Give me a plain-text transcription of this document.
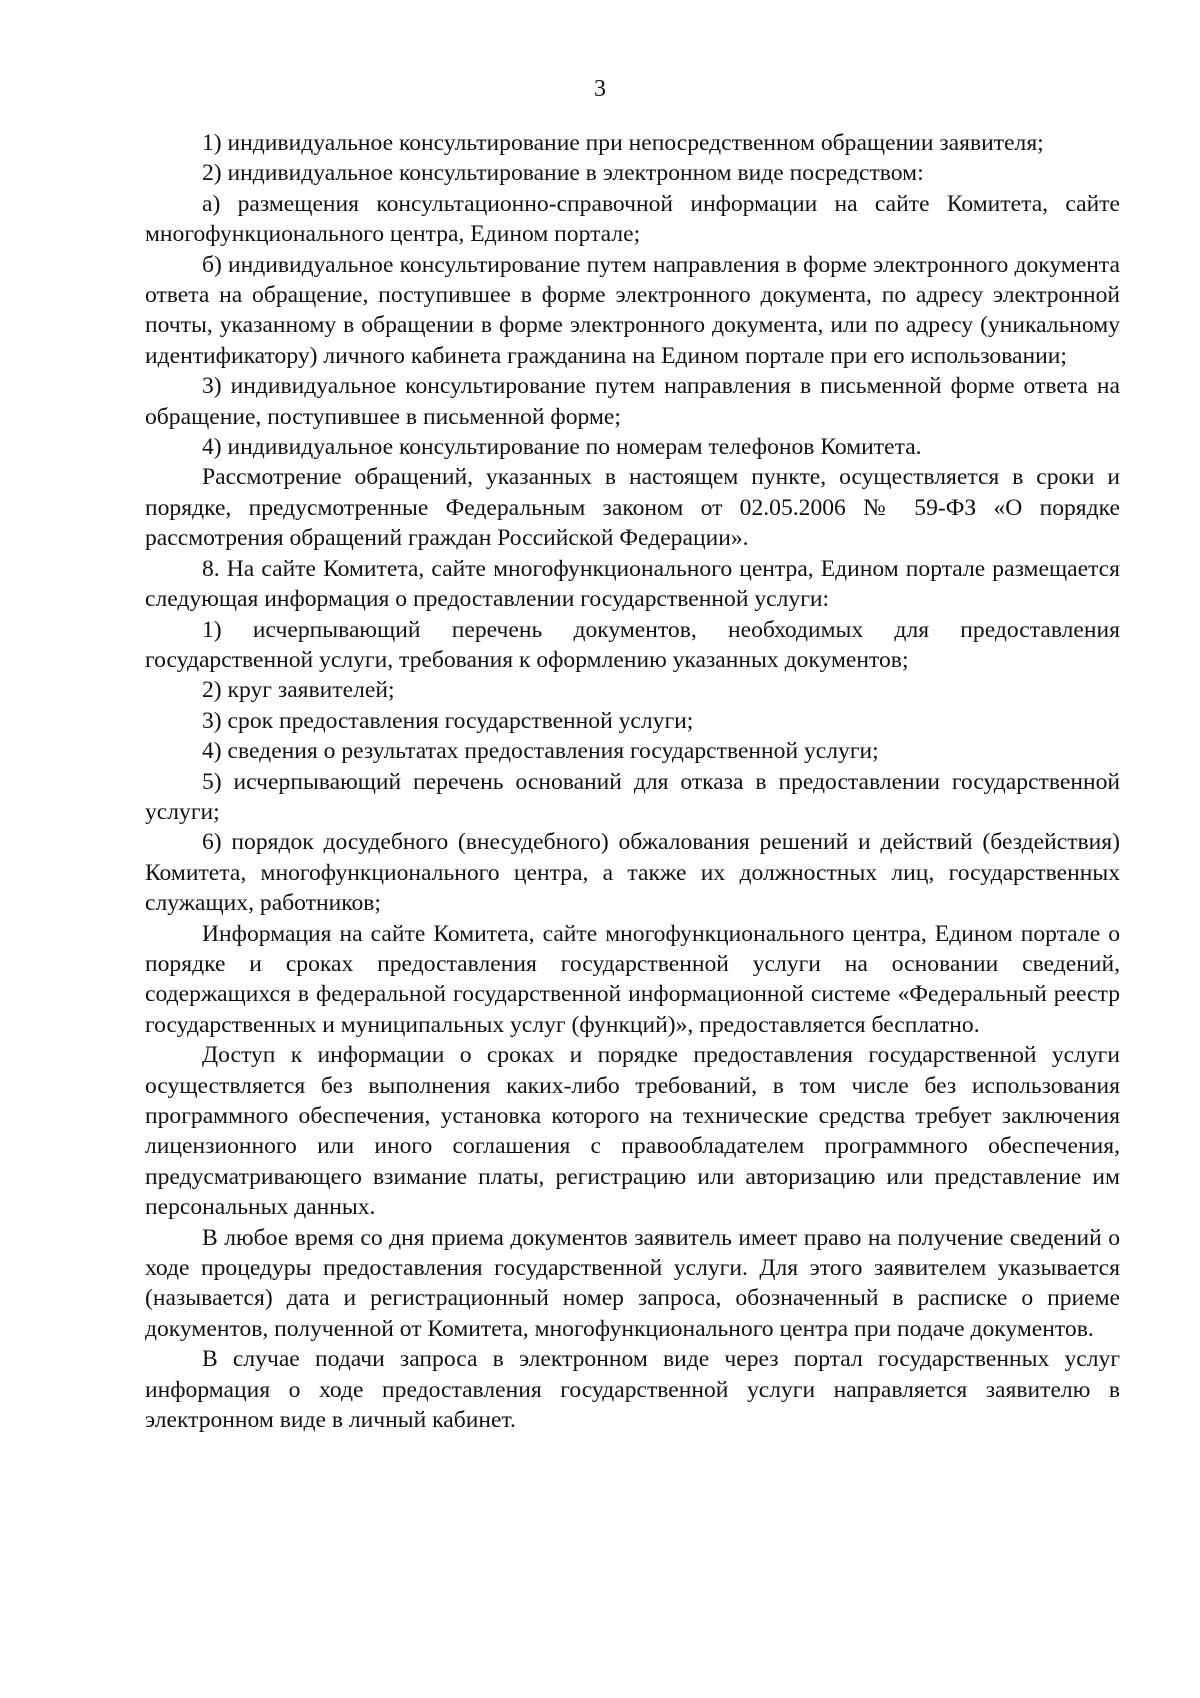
3

1) индивидуальное консультирование при непосредственном обращении заявителя;

2) индивидуальное консультирование в электронном виде посредством:

а) размещения консультационно-справочной информации на сайте Комитета, сайте многофункционального центра, Едином портале;

б) индивидуальное консультирование путем направления в форме электронного документа ответа на обращение, поступившее в форме электронного документа, по адресу электронной почты, указанному в обращении в форме электронного документа, или по адресу (уникальному идентификатору) личного кабинета гражданина на Едином портале при его использовании;

3) индивидуальное консультирование путем направления в письменной форме ответа на обращение, поступившее в письменной форме;

4) индивидуальное консультирование по номерам телефонов Комитета.

Рассмотрение обращений, указанных в настоящем пункте, осуществляется в сроки и порядке, предусмотренные Федеральным законом от 02.05.2006 № 59-ФЗ «О порядке рассмотрения обращений граждан Российской Федерации».

8. На сайте Комитета, сайте многофункционального центра, Едином портале размещается следующая информация о предоставлении государственной услуги:

1) исчерпывающий перечень документов, необходимых для предоставления государственной услуги, требования к оформлению указанных документов;

2) круг заявителей;

3) срок предоставления государственной услуги;

4) сведения о результатах предоставления государственной услуги;

5) исчерпывающий перечень оснований для отказа в предоставлении государственной услуги;

6) порядок досудебного (внесудебного) обжалования решений и действий (бездействия) Комитета, многофункционального центра, а также их должностных лиц, государственных служащих, работников;

Информация на сайте Комитета, сайте многофункционального центра, Едином портале о порядке и сроках предоставления государственной услуги на основании сведений, содержащихся в федеральной государственной информационной системе «Федеральный реестр государственных и муниципальных услуг (функций)», предоставляется бесплатно.

Доступ к информации о сроках и порядке предоставления государственной услуги осуществляется без выполнения каких-либо требований, в том числе без использования программного обеспечения, установка которого на технические средства требует заключения лицензионного или иного соглашения с правообладателем программного обеспечения, предусматривающего взимание платы, регистрацию или авторизацию или представление им персональных данных.

В любое время со дня приема документов заявитель имеет право на получение сведений о ходе процедуры предоставления государственной услуги. Для этого заявителем указывается (называется) дата и регистрационный номер запроса, обозначенный в расписке о приеме документов, полученной от Комитета, многофункционального центра при подаче документов.

В случае подачи запроса в электронном виде через портал государственных услуг информация о ходе предоставления государственной услуги направляется заявителю в электронном виде в личный кабинет.
